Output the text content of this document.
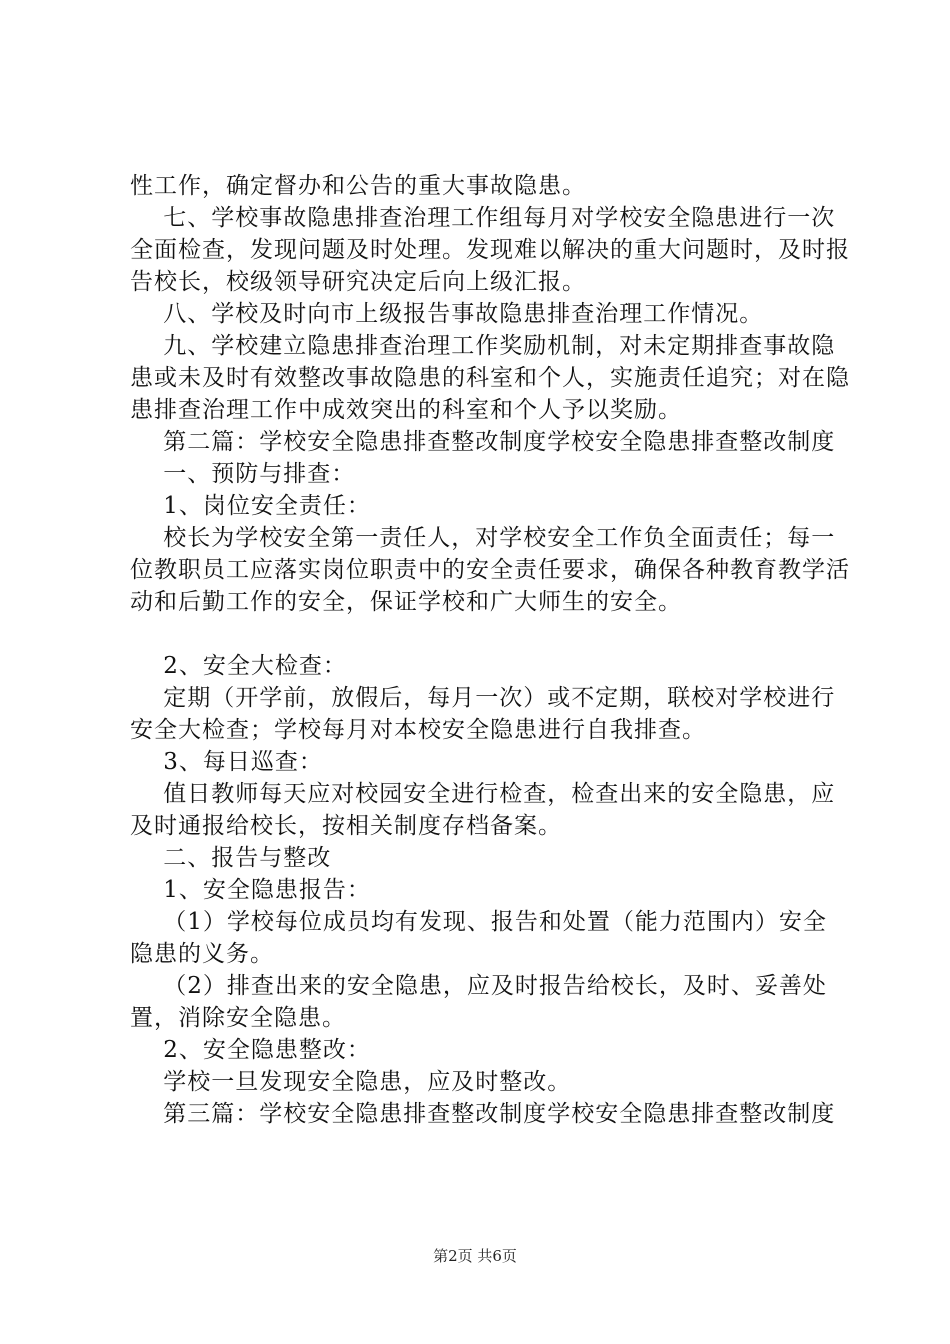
性工作，确定督办和公告的重大事故隐患。

七、学校事故隐患排查治理工作组每月对学校安全隐患进行一次全面检查，发现问题及时处理。发现难以解决的重大问题时，及时报告校长，校级领导研究决定后向上级汇报。

八、学校及时向市上级报告事故隐患排查治理工作情况。

九、学校建立隐患排查治理工作奖励机制，对未定期排查事故隐患或未及时有效整改事故隐患的科室和个人，实施责任追究；对在隐患排查治理工作中成效突出的科室和个人予以奖励。

第二篇：学校安全隐患排查整改制度学校安全隐患排查整改制度

一、预防与排查：

1、岗位安全责任：

校长为学校安全第一责任人，对学校安全工作负全面责任；每一位教职员工应落实岗位职责中的安全责任要求，确保各种教育教学活动和后勤工作的安全，保证学校和广大师生的安全。

2、安全大检查：

定期（开学前，放假后，每月一次）或不定期，联校对学校进行安全大检查；学校每月对本校安全隐患进行自我排查。

3、每日巡查：

值日教师每天应对校园安全进行检查，检查出来的安全隐患，应及时通报给校长，按相关制度存档备案。

二、报告与整改

1、安全隐患报告：

（1）学校每位成员均有发现、报告和处置（能力范围内）安全隐患的义务。

（2）排查出来的安全隐患，应及时报告给校长，及时、妥善处置，消除安全隐患。

2、安全隐患整改：

学校一旦发现安全隐患，应及时整改。

第三篇：学校安全隐患排查整改制度学校安全隐患排查整改制度

第2页 共6页
